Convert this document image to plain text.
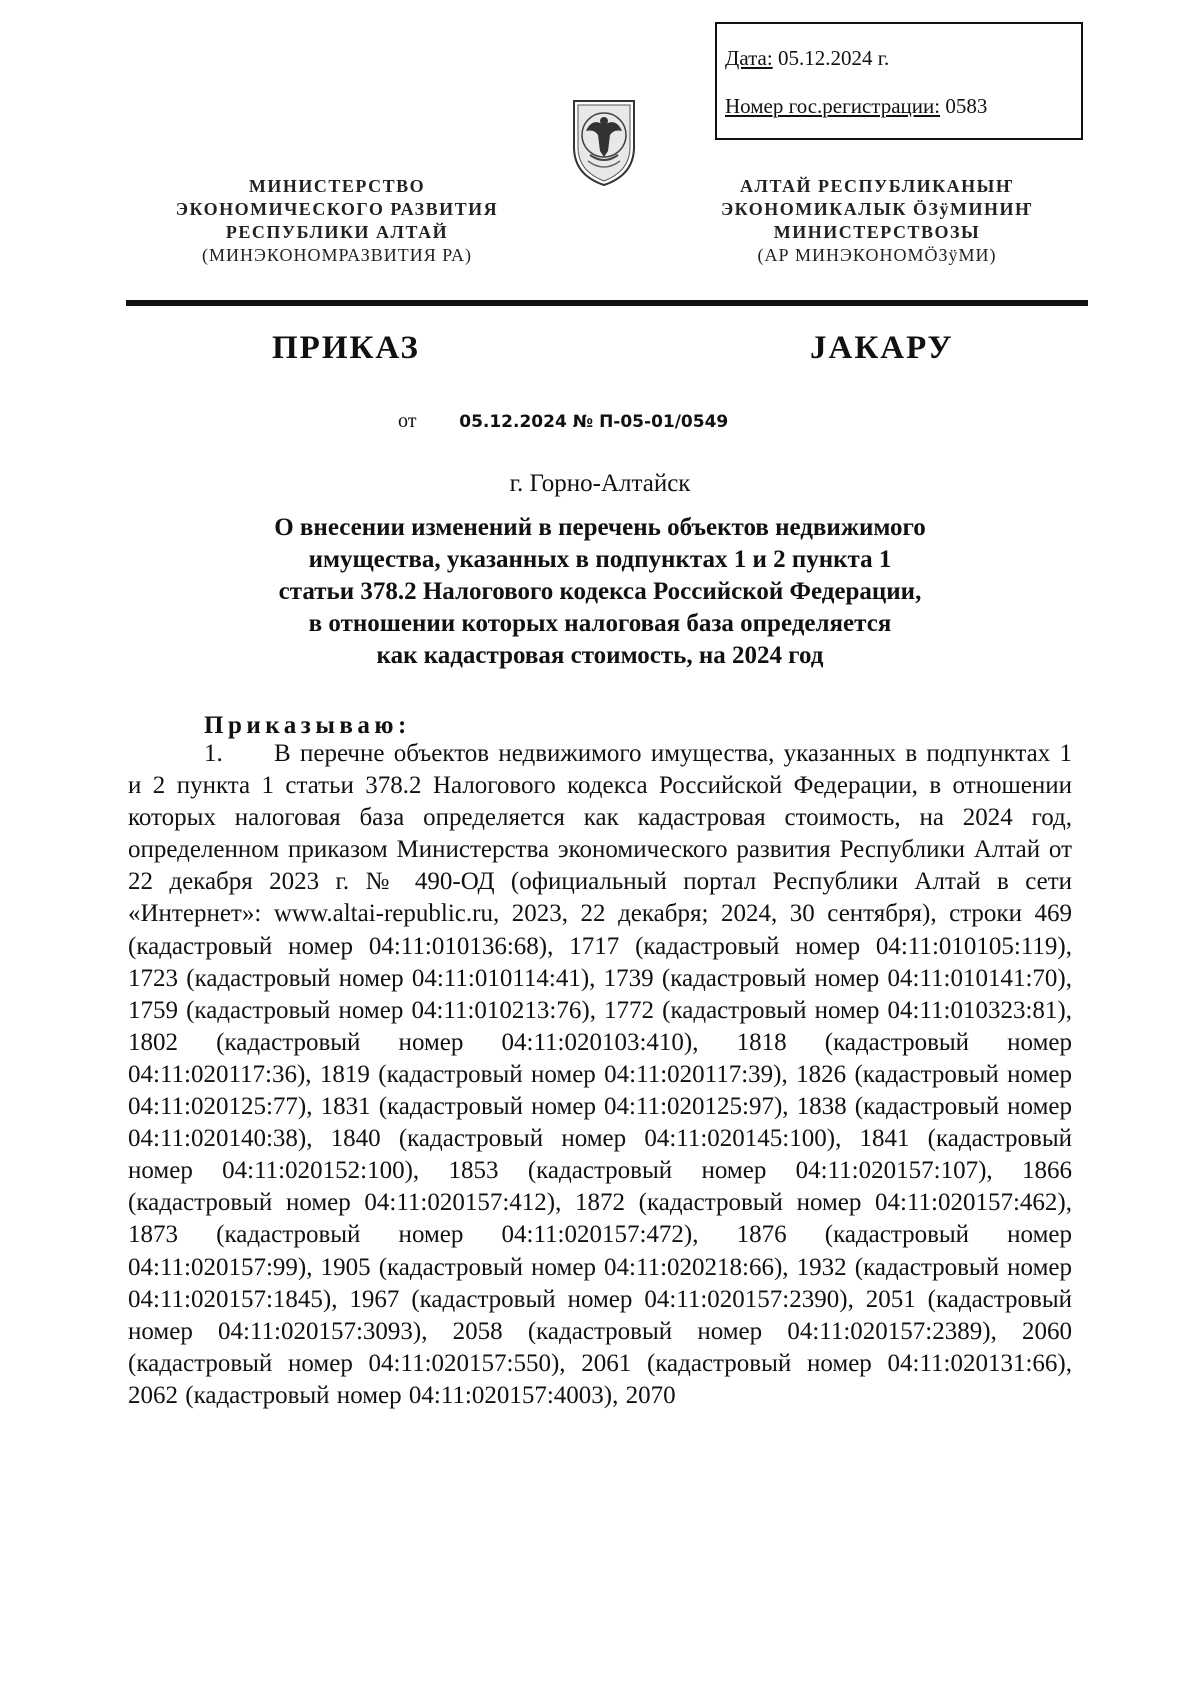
Дата: 05.12.2024 г.
Номер гос.регистрации: 0583
МИНИСТЕРСТВО
ЭКОНОМИЧЕСКОГО РАЗВИТИЯ
РЕСПУБЛИКИ АЛТАЙ
(МИНЭКОНОМРАЗВИТИЯ РА)
АЛТАЙ РЕСПУБЛИКАНЫҤ
ЭКОНОМИКАЛЫК ÖЗÿМИНИҤ
МИНИСТЕРСТВОЗЫ
(АР МИНЭКОНОМÖЗÿМИ)
ПРИКАЗ	JАКАРУ
от	05.12.2024 № П-05-01/0549
г. Горно-Алтайск
О внесении изменений в перечень объектов недвижимого
имущества, указанных в подпунктах 1 и 2 пункта 1
статьи 378.2 Налогового кодекса Российской Федерации,
в отношении которых налоговая база определяется
как кадастровая стоимость, на 2024 год
Приказываю:
1. В перечне объектов недвижимого имущества, указанных в подпунктах 1 и 2 пункта 1 статьи 378.2 Налогового кодекса Российской Федерации, в отношении которых налоговая база определяется как кадастровая стоимость, на 2024 год, определенном приказом Министерства экономического развития Республики Алтай от 22 декабря 2023 г. № 490-ОД (официальный портал Республики Алтай в сети «Интернет»: www.altai-republic.ru, 2023, 22 декабря; 2024, 30 сентября), строки 469 (кадастровый номер 04:11:010136:68), 1717 (кадастровый номер 04:11:010105:119), 1723 (кадастровый номер 04:11:010114:41), 1739 (кадастровый номер 04:11:010141:70), 1759 (кадастровый номер 04:11:010213:76), 1772 (кадастровый номер 04:11:010323:81), 1802 (кадастровый номер 04:11:020103:410), 1818 (кадастровый номер 04:11:020117:36), 1819 (кадастровый номер 04:11:020117:39), 1826 (кадастровый номер 04:11:020125:77), 1831 (кадастровый номер 04:11:020125:97), 1838 (кадастровый номер 04:11:020140:38), 1840 (кадастровый номер 04:11:020145:100), 1841 (кадастровый номер 04:11:020152:100), 1853 (кадастровый номер 04:11:020157:107), 1866 (кадастровый номер 04:11:020157:412), 1872 (кадастровый номер 04:11:020157:462), 1873 (кадастровый номер 04:11:020157:472), 1876 (кадастровый номер 04:11:020157:99), 1905 (кадастровый номер 04:11:020218:66), 1932 (кадастровый номер 04:11:020157:1845), 1967 (кадастровый номер 04:11:020157:2390), 2051 (кадастровый номер 04:11:020157:3093), 2058 (кадастровый номер 04:11:020157:2389), 2060 (кадастровый номер 04:11:020157:550), 2061 (кадастровый номер 04:11:020131:66), 2062 (кадастровый номер 04:11:020157:4003), 2070
